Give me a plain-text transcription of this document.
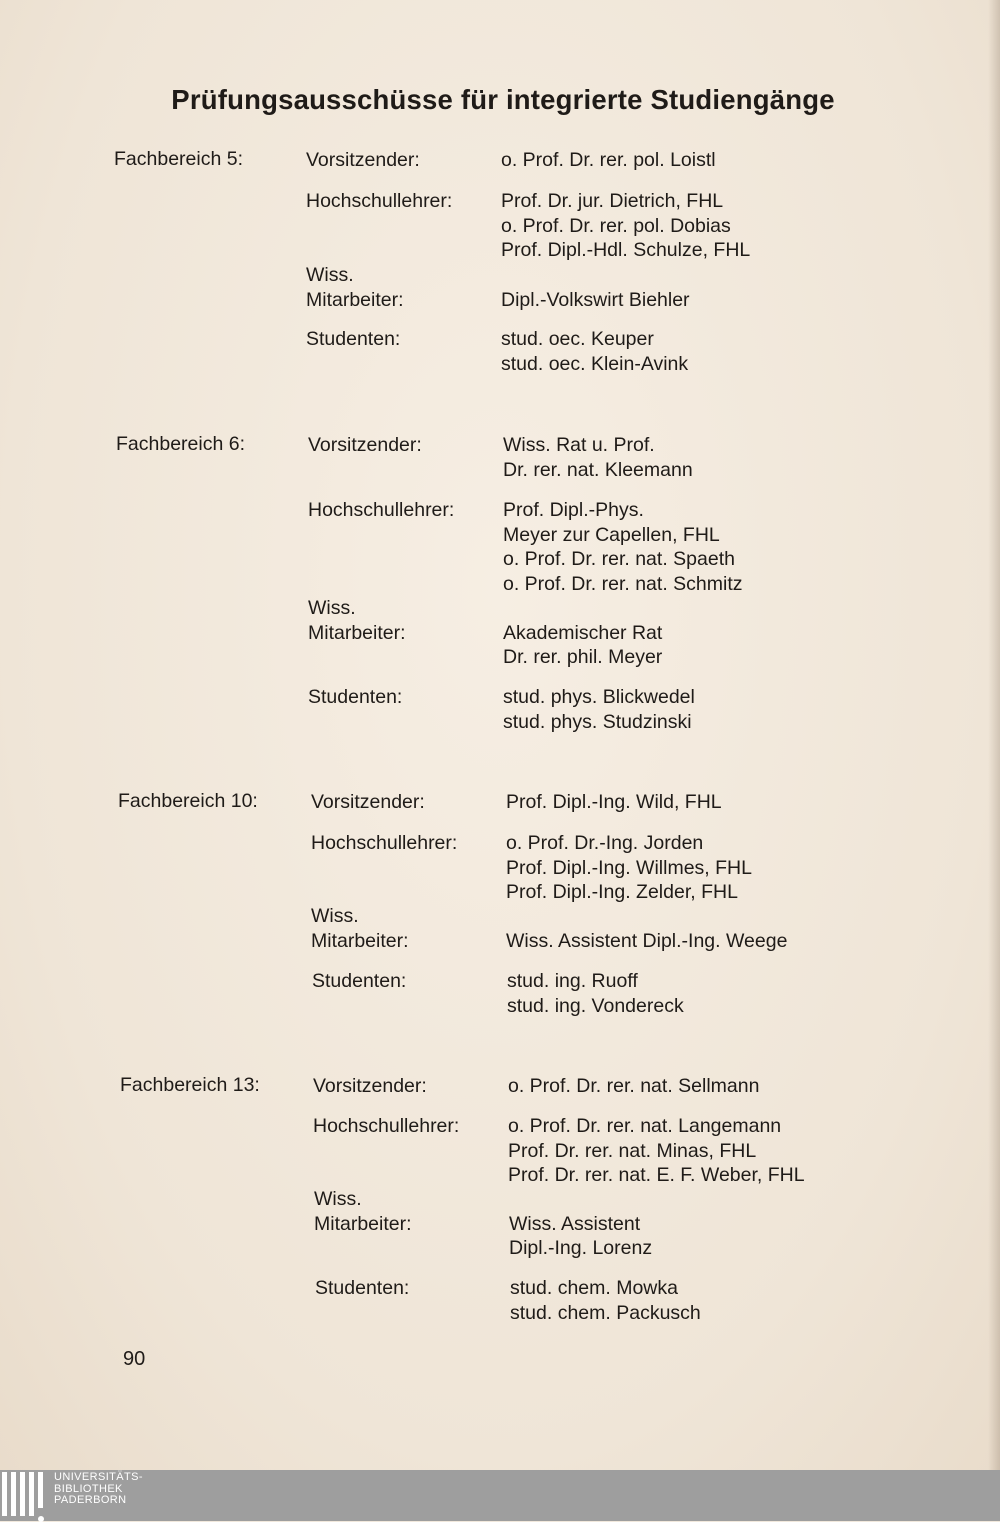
Prüfungsausschüsse für integrierte Studiengänge
Fachbereich 5:	Vorsitzender:	o. Prof. Dr. rer. pol. Loistl
Hochschullehrer:	Prof. Dr. jur. Dietrich, FHL
o. Prof. Dr. rer. pol. Dobias
Prof. Dipl.-Hdl. Schulze, FHL
Wiss.
Mitarbeiter:	Dipl.-Volkswirt Biehler
Studenten:	stud. oec. Keuper
stud. oec. Klein-Avink
Fachbereich 6:	Vorsitzender:	Wiss. Rat u. Prof.
Dr. rer. nat. Kleemann
Hochschullehrer:	Prof. Dipl.-Phys.
Meyer zur Capellen, FHL
o. Prof. Dr. rer. nat. Spaeth
o. Prof. Dr. rer. nat. Schmitz
Wiss.
Mitarbeiter:	Akademischer Rat
Dr. rer. phil. Meyer
Studenten:	stud. phys. Blickwedel
stud. phys. Studzinski
Fachbereich 10:	Vorsitzender:	Prof. Dipl.-Ing. Wild, FHL
Hochschullehrer:	o. Prof. Dr.-Ing. Jorden
Prof. Dipl.-Ing. Willmes, FHL
Prof. Dipl.-Ing. Zelder, FHL
Wiss.
Mitarbeiter:	Wiss. Assistent Dipl.-Ing. Weege
Studenten:	stud. ing. Ruoff
stud. ing. Vondereck
Fachbereich 13:	Vorsitzender:	o. Prof. Dr. rer. nat. Sellmann
Hochschullehrer:	o. Prof. Dr. rer. nat. Langemann
Prof. Dr. rer. nat. Minas, FHL
Prof. Dr. rer. nat. E. F. Weber, FHL
Wiss.
Mitarbeiter:	Wiss. Assistent
Dipl.-Ing. Lorenz
Studenten:	stud. chem. Mowka
stud. chem. Packusch
90
UNIVERSITÄTS-
BIBLIOTHEK
PADERBORN
